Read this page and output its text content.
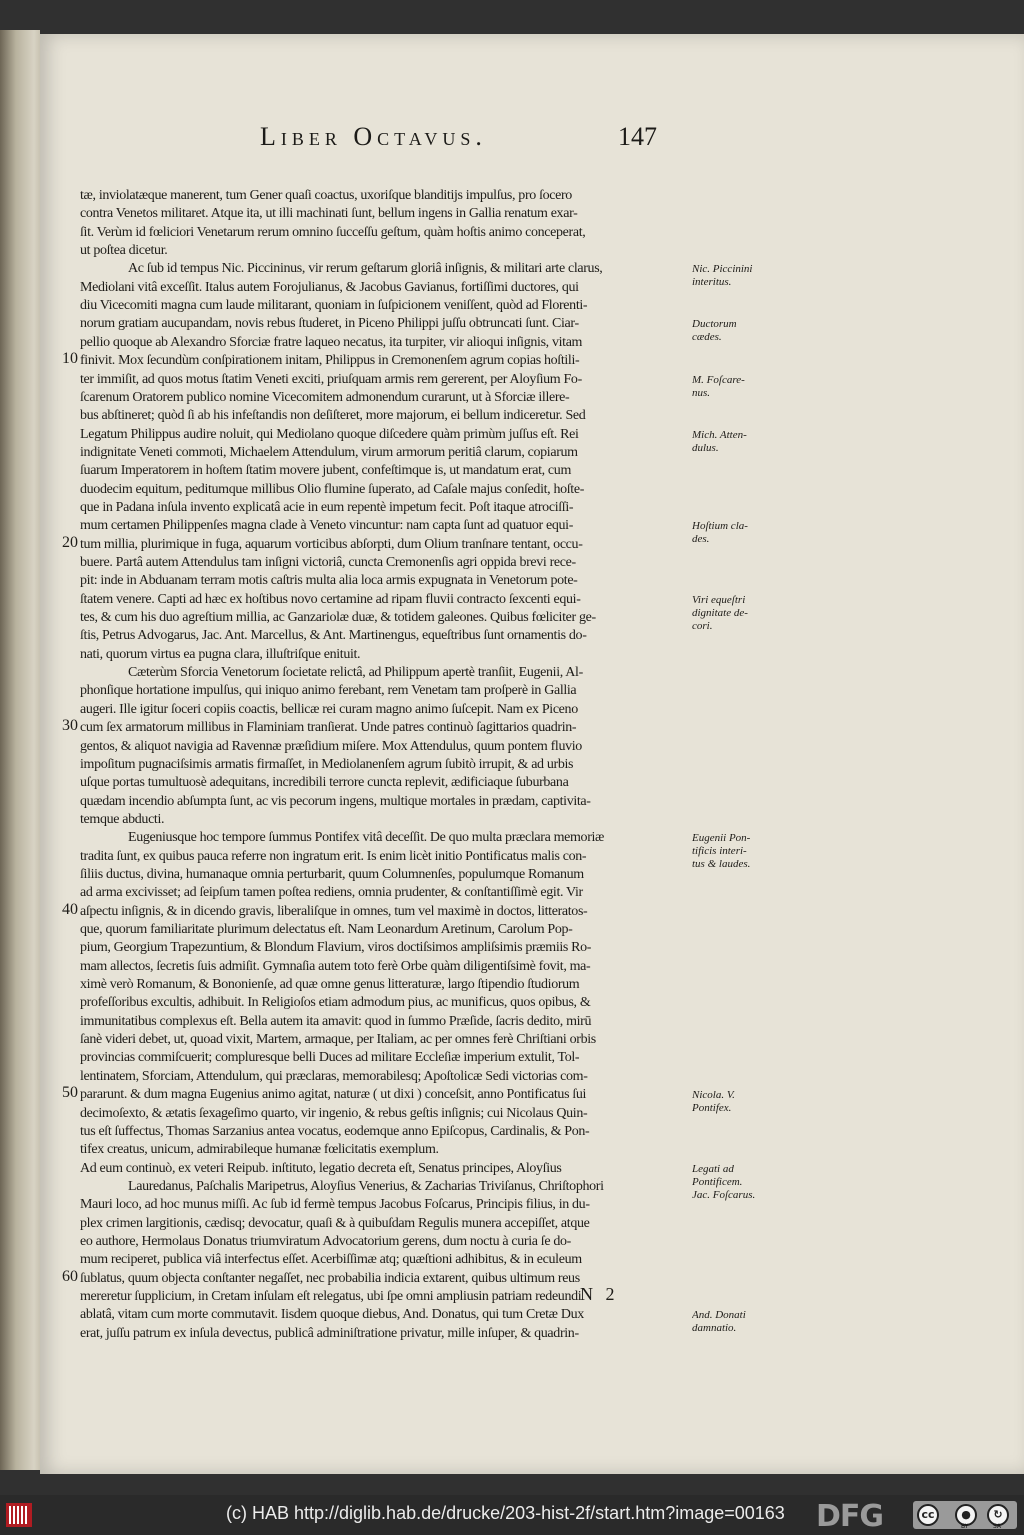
Liber Octavus.	147
tæ, inviolatæque manerent, tum Gener quaſi coactus, uxoriſque blanditijs impulſus, pro ſocero
contra Venetos militaret. Atque ita, ut illi machinati ſunt, bellum ingens in Gallia renatum exar-
ſit. Verùm id fœliciori Venetarum rerum omnino ſucceſſu geſtum, quàm hoſtis animo conceperat,
ut poſtea dicetur.
Ac ſub id tempus Nic. Piccininus, vir rerum geſtarum gloriâ inſignis, & militari arte clarus,
Mediolani vitâ exceſſit. Italus autem Forojulianus, & Jacobus Gavianus, fortiſſimi ductores, qui
diu Vicecomiti magna cum laude militarant, quoniam in ſuſpicionem veniſſent, quòd ad Florenti-
norum gratiam aucupandam, novis rebus ſtuderet, in Piceno Philippi juſſu obtruncati ſunt. Ciar-
pellio quoque ab Alexandro Sforciæ fratre laqueo necatus, ita turpiter, vir alioqui inſignis, vitam
finivit. Mox ſecundùm conſpirationem initam, Philippus in Cremonenſem agrum copias hoſtili-
ter immiſit, ad quos motus ſtatim Veneti exciti, priuſquam armis rem gererent, per Aloyſium Fo-
ſcarenum Oratorem publico nomine Vicecomitem admonendum curarunt, ut à Sforciæ illere-
bus abſtineret; quòd ſi ab his infeſtandis non deſiſteret, more majorum, ei bellum indiceretur. Sed
Legatum Philippus audire noluit, qui Mediolano quoque diſcedere quàm primùm juſſus eſt. Rei
indignitate Veneti commoti, Michaelem Attendulum, virum armorum peritiâ clarum, copiarum
ſuarum Imperatorem in hoſtem ſtatim movere jubent, confeſtimque is, ut mandatum erat, cum
duodecim equitum, peditumque millibus Olio flumine ſuperato, ad Caſale majus conſedit, hoſte-
que in Padana inſula invento explicatâ acie in eum repentè impetum fecit. Poſt itaque atrociſſi-
mum certamen Philippenſes magna clade à Veneto vincuntur: nam capta ſunt ad quatuor equi-
tum millia, plurimique in fuga, aquarum vorticibus abſorpti, dum Olium tranſnare tentant, occu-
buere. Partâ autem Attendulus tam inſigni victoriâ, cuncta Cremonenſis agri oppida brevi rece-
pit: inde in Abduanam terram motis caſtris multa alia loca armis expugnata in Venetorum pote-
ſtatem venere. Capti ad hæc ex hoſtibus novo certamine ad ripam fluvii contracto ſexcenti equi-
tes, & cum his duo agreſtium millia, ac Ganzariolæ duæ, & totidem galeones. Quibus fœliciter ge-
ſtis, Petrus Advogarus, Jac. Ant. Marcellus, & Ant. Martinengus, equeſtribus ſunt ornamentis do-
nati, quorum virtus ea pugna clara, illuſtriſque enituit.
Cæterùm Sforcia Venetorum ſocietate relictâ, ad Philippum apertè tranſiit, Eugenii, Al-
phonſique hortatione impulſus, qui iniquo animo ferebant, rem Venetam tam proſperè in Gallia
augeri. Ille igitur ſoceri copiis coactis, bellicæ rei curam magno animo ſuſcepit. Nam ex Piceno
cum ſex armatorum millibus in Flaminiam tranſierat. Unde patres continuò ſagittarios quadrin-
gentos, & aliquot navigia ad Ravennæ præſidium miſere. Mox Attendulus, quum pontem fluvio
impoſitum pugnaciſsimis armatis firmaſſet, in Mediolanenſem agrum ſubitò irrupit, & ad urbis
uſque portas tumultuosè adequitans, incredibili terrore cuncta replevit, ædificiaque ſuburbana
quædam incendio abſumpta ſunt, ac vis pecorum ingens, multique mortales in prædam, captivita-
temque abducti.
Eugeniusque hoc tempore ſummus Pontifex vitâ deceſſit. De quo multa præclara memoriæ
tradita ſunt, ex quibus pauca referre non ingratum erit. Is enim licèt initio Pontificatus malis con-
ſiliis ductus, divina, humanaque omnia perturbarit, quum Columnenſes, populumque Romanum
ad arma excivisset; ad ſeipſum tamen poſtea rediens, omnia prudenter, & conſtantiſſimè egit. Vir
aſpectu inſignis, & in dicendo gravis, liberaliſque in omnes, tum vel maximè in doctos, litteratos-
que, quorum familiaritate plurimum delectatus eſt. Nam Leonardum Aretinum, Carolum Pop-
pium, Georgium Trapezuntium, & Blondum Flavium, viros doctiſsimos ampliſsimis præmiis Ro-
mam allectos, ſecretis ſuis admiſit. Gymnaſia autem toto ferè Orbe quàm diligentiſsimè fovit, ma-
ximè verò Romanum, & Bononienſe, ad quæ omne genus litteraturæ, largo ſtipendio ſtudiorum
profeſſoribus excultis, adhibuit. In Religioſos etiam admodum pius, ac munificus, quos opibus, &
immunitatibus complexus eſt. Bella autem ita amavit: quod in ſummo Præſide, ſacris dedito, mirū
ſanè videri debet, ut, quoad vixit, Martem, armaque, per Italiam, ac per omnes ferè Chriſtiani orbis
provincias commiſcuerit; compluresque belli Duces ad militare Eccleſiæ imperium extulit, Tol-
lentinatem, Sforciam, Attendulum, qui præclaras, memorabilesq; Apoſtolicæ Sedi victorias com-
pararunt. & dum magna Eugenius animo agitat, naturæ ( ut dixi ) conceſsit, anno Pontificatus ſui
decimoſexto, & ætatis ſexageſimo quarto, vir ingenio, & rebus geſtis inſignis; cui Nicolaus Quin-
tus eſt ſuffectus, Thomas Sarzanius antea vocatus, eodemque anno Epiſcopus, Cardinalis, & Pon-
tifex creatus, unicum, admirabileque humanæ fœlicitatis exemplum.
Ad eum continuò, ex veteri Reipub. inſtituto, legatio decreta eſt, Senatus principes, Aloyſius
Lauredanus, Paſchalis Maripetrus, Aloyſius Venerius, & Zacharias Triviſanus, Chriſtophori
Mauri loco, ad hoc munus miſſi. Ac ſub id fermè tempus Jacobus Foſcarus, Principis filius, in du-
plex crimen largitionis, cædisq; devocatur, quaſi & à quibuſdam Regulis munera accepiſſet, atque
eo authore, Hermolaus Donatus triumviratum Advocatorium gerens, dum noctu à curia ſe do-
mum reciperet, publica viâ interfectus eſſet. Acerbiſſimæ atq; quæſtioni adhibitus, & in eculeum
ſublatus, quum objecta conſtanter negaſſet, nec probabilia indicia extarent, quibus ultimum reus
mereretur ſupplicium, in Cretam inſulam eſt relegatus, ubi ſpe omni ampliusin patriam redeundi
ablatâ, vitam cum morte commutavit. Iisdem quoque diebus, And. Donatus, qui tum Cretæ Dux
erat, juſſu patrum ex inſula devectus, publicâ adminiſtratione privatur, mille inſuper, & quadrin-
10
20
30
40
50
60
Nic. Piccinini
interitus.
Ductorum
cædes.
M. Foſcare-
nus.
Mich. Atten-
dulus.
Hoſtium cla-
des.
Viri equeſtri
dignitate de-
cori.
Eugenii Pon-
tificis interi-
tus & laudes.
Nicola. V.
Pontifex.
Legati ad
Pontificem.
Jac. Foſcarus.
And. Donati
damnatio.
N 2
(c) HAB http://diglib.hab.de/drucke/203-hist-2f/start.htm?image=00163 DFG	cc	●
BY
↻
SA
